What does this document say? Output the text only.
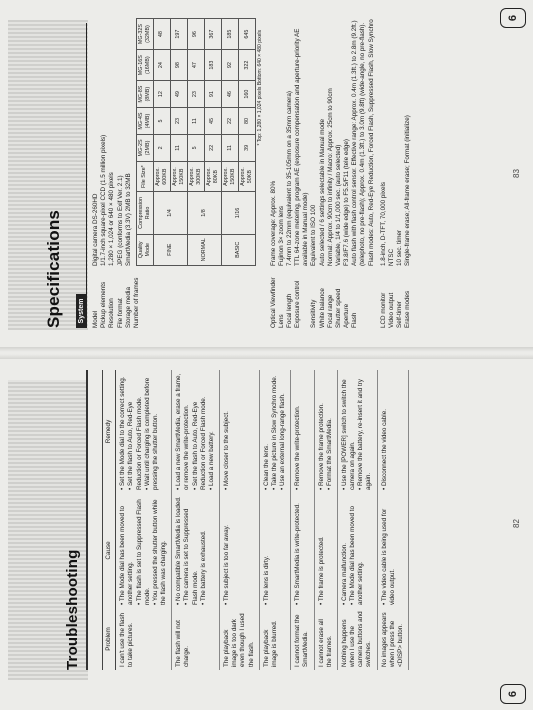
Troubleshooting
6
82
Problem	Cause	Remedy
I can't use the flash to take pictures.	• The Mode dial has been moved to another setting. • The flash is set to Suppressed Flash mode. • You pressed the shutter button while the flash was charging.	• Set the Mode dial to the correct setting. • Set the flash to Auto, Red-Eye Reduction or Forced Flash mode. • Wait until charging is completed before pressing the shutter button.

The flash will not charge.	• No compatible SmartMedia is loaded. • The camera is set to Suppressed Flash mode. • The battery is exhausted.	• Load a new SmartMedia, erase a frame, or remove the write-protection. • Set the flash to Auto, Red-Eye Reduction or Forced Flash mode. • Load a new battery.

The playback image is too dark even though I used the flash.	• The subject is too far away.	• Move closer to the subject.

The playback image is blurred.	• The lens is dirty.	• Clean the lens. • Take the picture in Slow Synchro mode. • Use an external long-range flash.

I cannot format the SmartMedia.	• The SmartMedia is write-protected.	• Remove the write-protection.

I cannot erase all the frames.	• The frame is protected.	• Remove the frame protection. • Format the SmartMedia.

Nothing happens when I use the camera buttons and switches.	• Camera malfunction. • The Mode dial has been moved to another setting.	• Use the [POWER] switch to switch the camera on again. • Remove the battery, re-insert it and try again.

No images appears when I press the <DISP> button.	• The video cable is being used for video output.	• Disconnect the video cable.
Specifications System
6
83
Model
Digital camera DS-260HD
Pickup elements
1/1.7-inch square-pixel CCD (1.5 million pixels)
Resolution
1,280 × 1,024 or 640 × 480 pixels
File format
JPEG (conforms to Exif Ver. 2.1)
Storage media
SmartMedia (3.3V) 2MB to 32MB
Number of frames
Quality Mode	Compression Ratio	File Size*	MG-2S (2MB)	MG-4S (4MB)	MG-8S (8MB)	MG-16S (16MB)	MG-32S (32MB)
FINE	1/4	Approx. 600KB	2	5	12	24	48
		Approx. 150KB	11	23	49	98	197
NORMAL	1/8	Approx. 300KB	5	11	23	47	96
		Approx. 80KB	22	45	91	183	367
BASIC	1/16	Approx. 150KB	11	22	46	92	185
		Approx. 50KB	39	80	160	322	645 * Top: 1,280 × 1,024 pixels Bottom: 640 × 480 pixels
Optical Viewfinder
Frame coverage: Approx. 80%
Lens
Fujinon 3× zoom lens
Focal length
7.4mm to 22mm (equivalent to 35-105mm on a 35mm camera)
Exposure control
TTL 64-zone metering, program AE (exposure compensation and aperture-priority AE available in Manual mode)
Sensitivity
Equivalent to ISO 100
White balance
Auto selected / 6 settings selectable in Manual mode
Focal range
Normal: Approx. 90cm to infinity / Macro: Approx. 25cm to 90cm
Shutter speed
Variable, 1/4 to 1/1,000 sec. (auto selected)
Aperture
F3.8/F7.6 (wide edge) to F5.5/F11 (tele edge)
Flash
Auto flash with flash control sensor. Effective range: Approx. 0.4m (1.3ft.) to 2.8m (9.2ft.) (telephoto, no pre-flash); Approx. 0.4m (1.3ft.) to 3.0m (9.8ft) (wide-angle, no pre-flash). Flash modes: Auto, Red-Eye Reduction, Forced Flash, Suppressed Flash, Slow Synchro
LCD monitor
1.8-inch, D-TFT, 70,000 pixels
Video output
NTSC
Self-timer
10 sec. timer
Erase modes
Single-frame erase; All-frame erase; Format (initialize)
